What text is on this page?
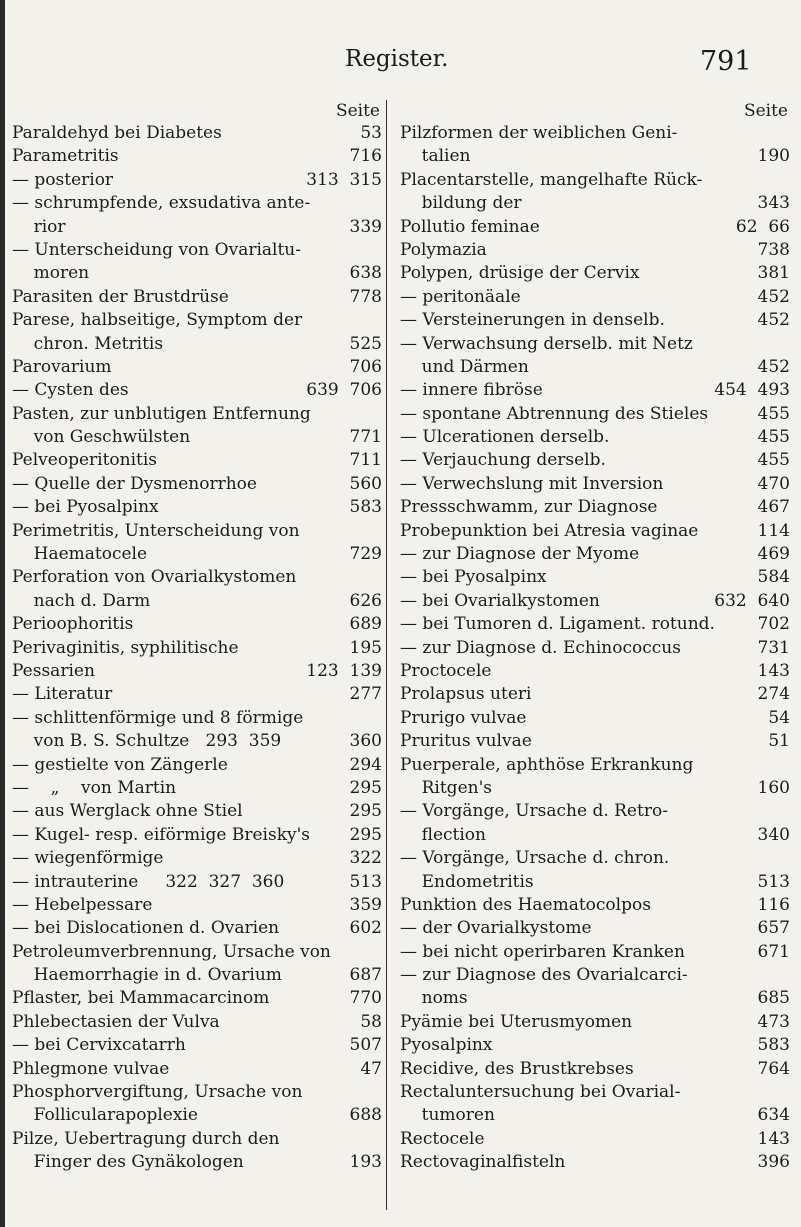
Register.	791
Seite
Paraldehyd bei Diabetes	53
Parametritis	716
— posterior	313  315
— schrumpfende, exsudativa ante-
rior	339
— Unterscheidung von Ovarialtu-
moren	638
Parasiten der Brustdrüse	778
Parese, halbseitige, Symptom der
chron. Metritis	525
Parovarium	706
— Cysten des	639  706
Pasten, zur unblutigen Entfernung
von Geschwülsten	771
Pelveoperitonitis	711
— Quelle der Dysmenorrhoe	560
— bei Pyosalpinx	583
Perimetritis, Unterscheidung von
Haematocele	729
Perforation von Ovarialkystomen
nach d. Darm	626
Perioophoritis	689
Perivaginitis, syphilitische	195
Pessarien	123  139
— Literatur	277
— schlittenförmige und 8 förmige
von B. S. Schultze   293  359	360
— gestielte von Zängerle	294
—    „    von Martin	295
— aus Werglack ohne Stiel	295
— Kugel- resp. eiförmige Breisky's	295
— wiegenförmige	322
— intrauterine     322  327  360	513
— Hebelpessare	359
— bei Dislocationen d. Ovarien	602
Petroleumverbrennung, Ursache von
Haemorrhagie in d. Ovarium	687
Pflaster, bei Mammacarcinom	770
Phlebectasien der Vulva	58
— bei Cervixcatarrh	507
Phlegmone vulvae	47
Phosphorvergiftung, Ursache von
Follicularapoplexie	688
Pilze, Uebertragung durch den
Finger des Gynäkologen	193
Seite
Pilzformen der weiblichen Geni-
talien	190
Placentarstelle, mangelhafte Rück-
bildung der	343
Pollutio feminae	62  66
Polymazia	738
Polypen, drüsige der Cervix	381
— peritonäale	452
— Versteinerungen in denselb.	452
— Verwachsung derselb. mit Netz
und Därmen	452
— innere fibröse	454  493
— spontane Abtrennung des Stieles	455
— Ulcerationen derselb.	455
— Verjauchung derselb.	455
— Verwechslung mit Inversion	470
Pressschwamm, zur Diagnose	467
Probepunktion bei Atresia vaginae	114
— zur Diagnose der Myome	469
— bei Pyosalpinx	584
— bei Ovarialkystomen	632  640
— bei Tumoren d. Ligament. rotund.	702
— zur Diagnose d. Echinococcus	731
Proctocele	143
Prolapsus uteri	274
Prurigo vulvae	54
Pruritus vulvae	51
Puerperale, aphthöse Erkrankung
Ritgen's	160
— Vorgänge, Ursache d. Retro-
flection	340
— Vorgänge, Ursache d. chron.
Endometritis	513
Punktion des Haematocolpos	116
— der Ovarialkystome	657
— bei nicht operirbaren Kranken	671
— zur Diagnose des Ovarialcarci-
noms	685
Pyämie bei Uterusmyomen	473
Pyosalpinx	583
Recidive, des Brustkrebses	764
Rectaluntersuchung bei Ovarial-
tumoren	634
Rectocele	143
Rectovaginalfisteln	396
